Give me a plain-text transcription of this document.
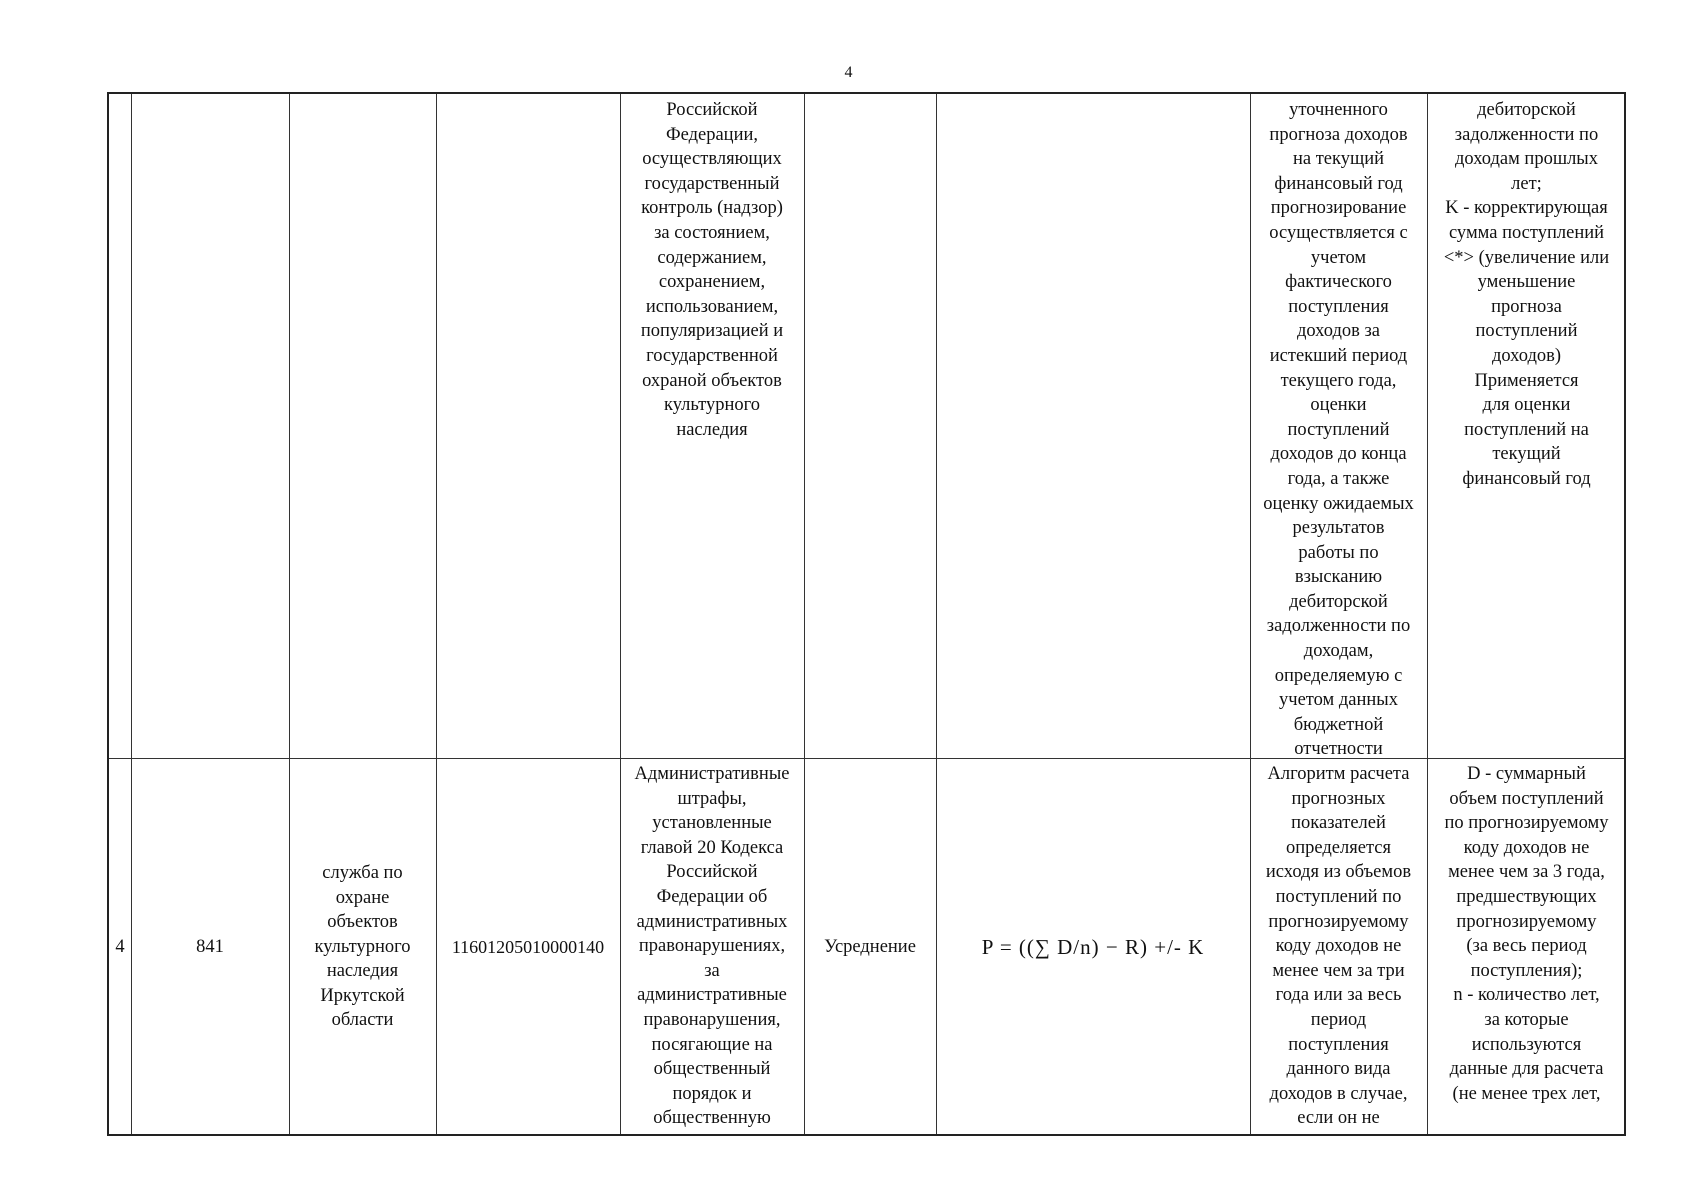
4
Российской
Федерации,
осуществляющих
государственный
контроль (надзор)
за состоянием,
содержанием,
сохранением,
использованием,
популяризацией и
государственной
охраной объектов
культурного
наследия
уточненного
прогноза доходов
на текущий
финансовый год
прогнозирование
осуществляется с
учетом
фактического
поступления
доходов за
истекший период
текущего года,
оценки
поступлений
доходов до конца
года, а также
оценку ожидаемых
результатов
работы по
взысканию
дебиторской
задолженности по
доходам,
определяемую с
учетом данных
бюджетной
отчетности
дебиторской
задолженности по
доходам прошлых
лет;
K - корректирующая
сумма поступлений
<*> (увеличение или
уменьшение
прогноза
поступлений
доходов)
Применяется
для оценки
поступлений на
текущий
финансовый год
4	841
служба по
охране
объектов
культурного
наследия
Иркутской
области
11601205010000140
Административные
штрафы,
установленные
главой 20 Кодекса
Российской
Федерации об
административных
правонарушениях,
за
административные
правонарушения,
посягающие на
общественный
порядок и
общественную
Усреднение	P = ((∑ D/n) − R) +/- K
Алгоритм расчета
прогнозных
показателей
определяется
исходя из объемов
поступлений по
прогнозируемому
коду доходов не
менее чем за три
года или за весь
период
поступления
данного вида
доходов в случае,
если он не
D - суммарный
объем поступлений
по прогнозируемому
коду доходов не
менее чем за 3 года,
предшествующих
прогнозируемому
(за весь период
поступления);
n - количество лет,
за которые
используются
данные для расчета
(не менее трех лет,
